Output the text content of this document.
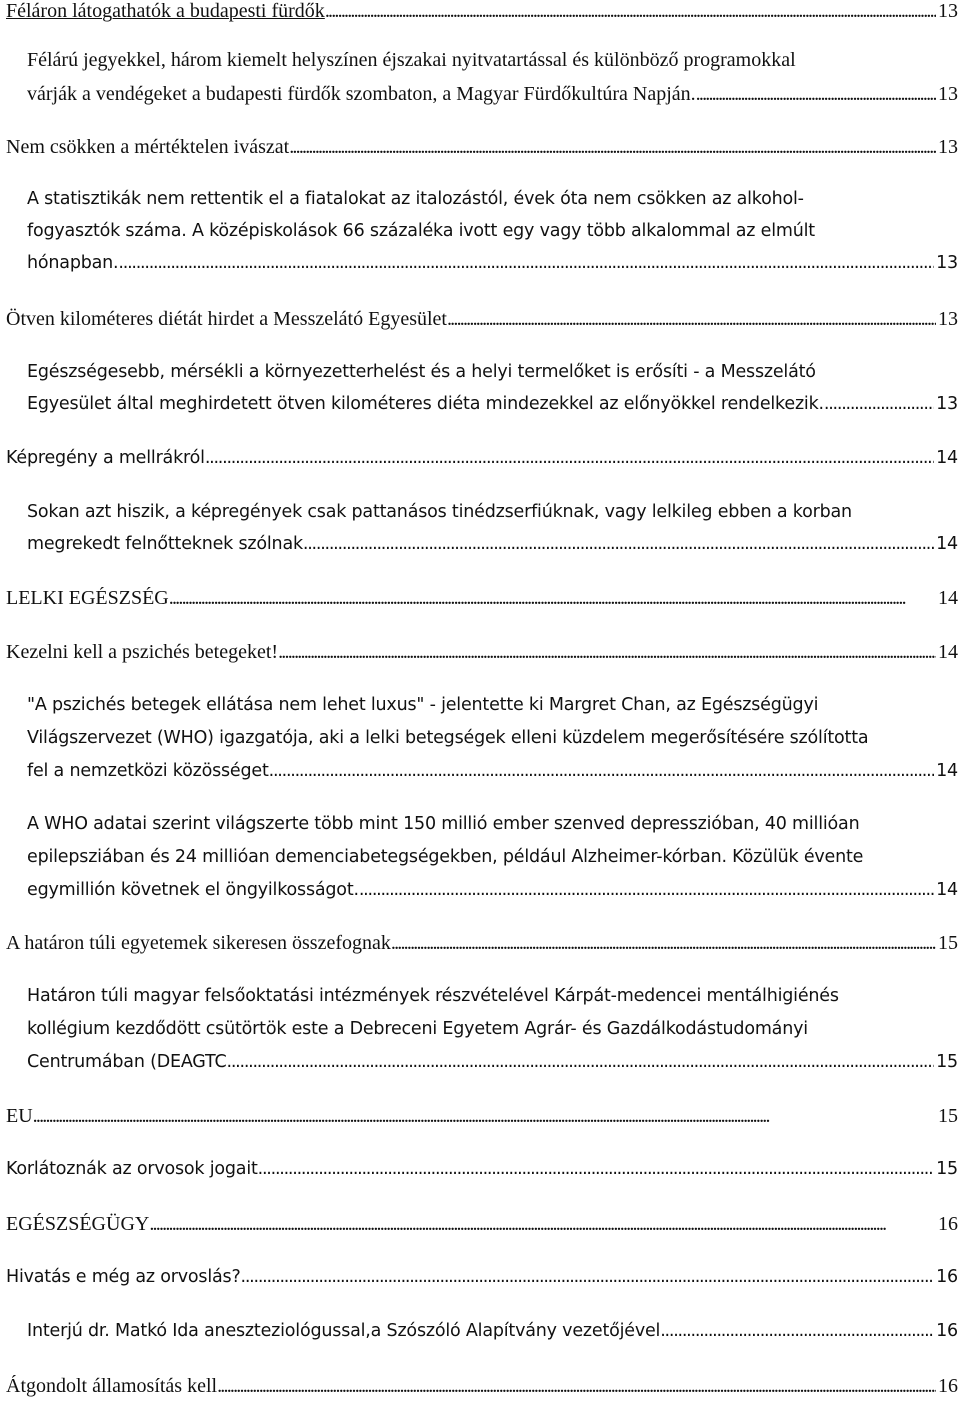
Féláron látogathatók a budapesti fürdők . . .	13
Félárú jegyekkel, három kiemelt helyszínen éjszakai nyitvatartással és különböző programokkal
várják a vendégeket a budapesti fürdők szombaton, a Magyar Fürdőkultúra Napján. . . .	13
Nem csökken a mértéktelen ivászat . . .	13
A statisztikák nem rettentik el a fiatalokat az italozástól, évek óta nem csökken az alkohol-
fogyasztók száma. A középiskolások 66 százaléka ivott egy vagy több alkalommal az elmúlt
hónapban. . . .	13
Ötven kilométeres diétát hirdet a Messzelátó Egyesület . . .	13
Egészségesebb, mérsékli a környezetterhelést és a helyi termelőket is erősíti - a Messzelátó
Egyesület által meghirdetett ötven kilométeres diéta mindezekkel az előnyökkel rendelkezik. . . .	13
Képregény a mellrákról . . .	14
Sokan azt hiszik, a képregények csak pattanásos tinédzserfiúknak, vagy lelkileg ebben a korban
megrekedt felnőtteknek szólnak . . .	14
LELKI EGÉSZSÉG . . .	14
Kezelni kell a pszichés betegeket! . . .	14
"A pszichés betegek ellátása nem lehet luxus" - jelentette ki Margret Chan, az Egészségügyi
Világszervezet (WHO) igazgatója, aki a lelki betegségek elleni küzdelem megerősítésére szólította
fel a nemzetközi közösséget . . .	14
A WHO adatai szerint világszerte több mint 150 millió ember szenved depresszióban, 40 millióan
epilepsziában és 24 millióan demenciabetegségekben, például Alzheimer-kórban. Közülük évente
egymillión követnek el öngyilkosságot. . . .	14
A határon túli egyetemek sikeresen összefognak . . .	15
Határon túli magyar felsőoktatási intézmények részvételével Kárpát-medencei mentálhigiénés
kollégium kezdődött csütörtök este a Debreceni Egyetem Agrár- és Gazdálkodástudományi
Centrumában (DEAGTC . . .	15
EU . . .	15
Korlátoznák az orvosok jogait . . .	15
EGÉSZSÉGÜGY . . .	16
Hivatás e még az orvoslás? . . .	16
Interjú dr. Matkó Ida aneszteziológussal,a Szószóló Alapítvány vezetőjével . . .	16
Átgondolt államosítás kell . . .	16
